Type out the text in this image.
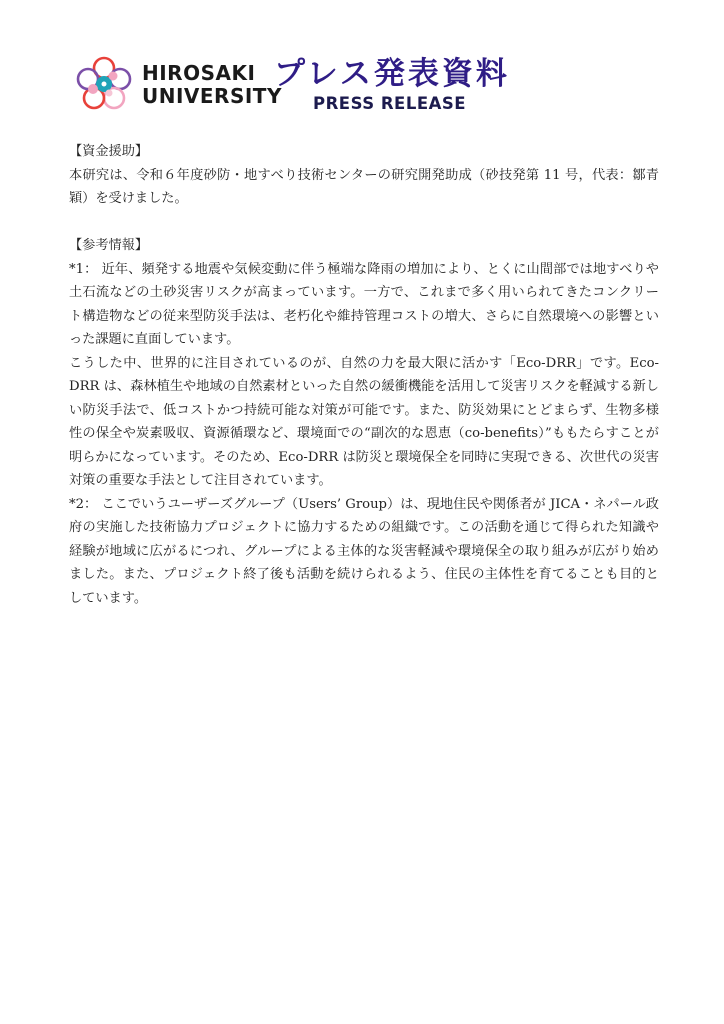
HIROSAKI
UNIVERSITY
プレス発表資料
PRESS RELEASE

【資金援助】

本研究は、令和６年度砂防・地すべり技術センターの研究開発助成（砂技発第 11 号，代表：鄒青穎）を受けました。

【参考情報】

*1： 近年、頻発する地震や気候変動に伴う極端な降雨の増加により、とくに山間部では地すべりや土石流などの土砂災害リスクが高まっています。一方で、これまで多く用いられてきたコンクリート構造物などの従来型防災手法は、老朽化や維持管理コストの増大、さらに自然環境への影響といった課題に直面しています。

こうした中、世界的に注目されているのが、自然の力を最大限に活かす「Eco-DRR」です。Eco-DRR は、森林植生や地域の自然素材といった自然の緩衝機能を活用して災害リスクを軽減する新しい防災手法で、低コストかつ持続可能な対策が可能です。また、防災効果にとどまらず、生物多様性の保全や炭素吸収、資源循環など、環境面での“副次的な恩恵（co-benefits）”ももたらすことが明らかになっています。そのため、Eco-DRR は防災と環境保全を同時に実現できる、次世代の災害対策の重要な手法として注目されています。

*2： ここでいうユーザーズグループ（Users’ Group）は、現地住民や関係者が JICA・ネパール政府の実施した技術協力プロジェクトに協力するための組織です。この活動を通じて得られた知識や経験が地域に広がるにつれ、グループによる主体的な災害軽減や環境保全の取り組みが広がり始めました。また、プロジェクト終了後も活動を続けられるよう、住民の主体性を育てることも目的としています。
